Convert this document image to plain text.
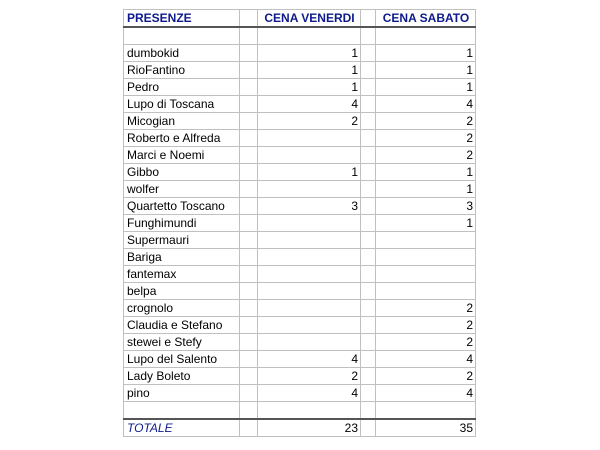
PRESENZE		CENA VENERDI		CENA SABATO

dumbokid		1		1
RioFantino		1		1
Pedro		1		1
Lupo di Toscana		4		4
Micogian		2		2
Roberto e Alfreda				2
Marci e Noemi				2
Gibbo		1		1
wolfer				1
Quartetto Toscano		3		3
Funghimundi				1
Supermauri				
Bariga				
fantemax				
belpa				
crognolo				2
Claudia e Stefano				2
stewei e Stefy				2
Lupo del Salento		4		4
Lady Boleto		2		2
pino		4		4

TOTALE		23		35
